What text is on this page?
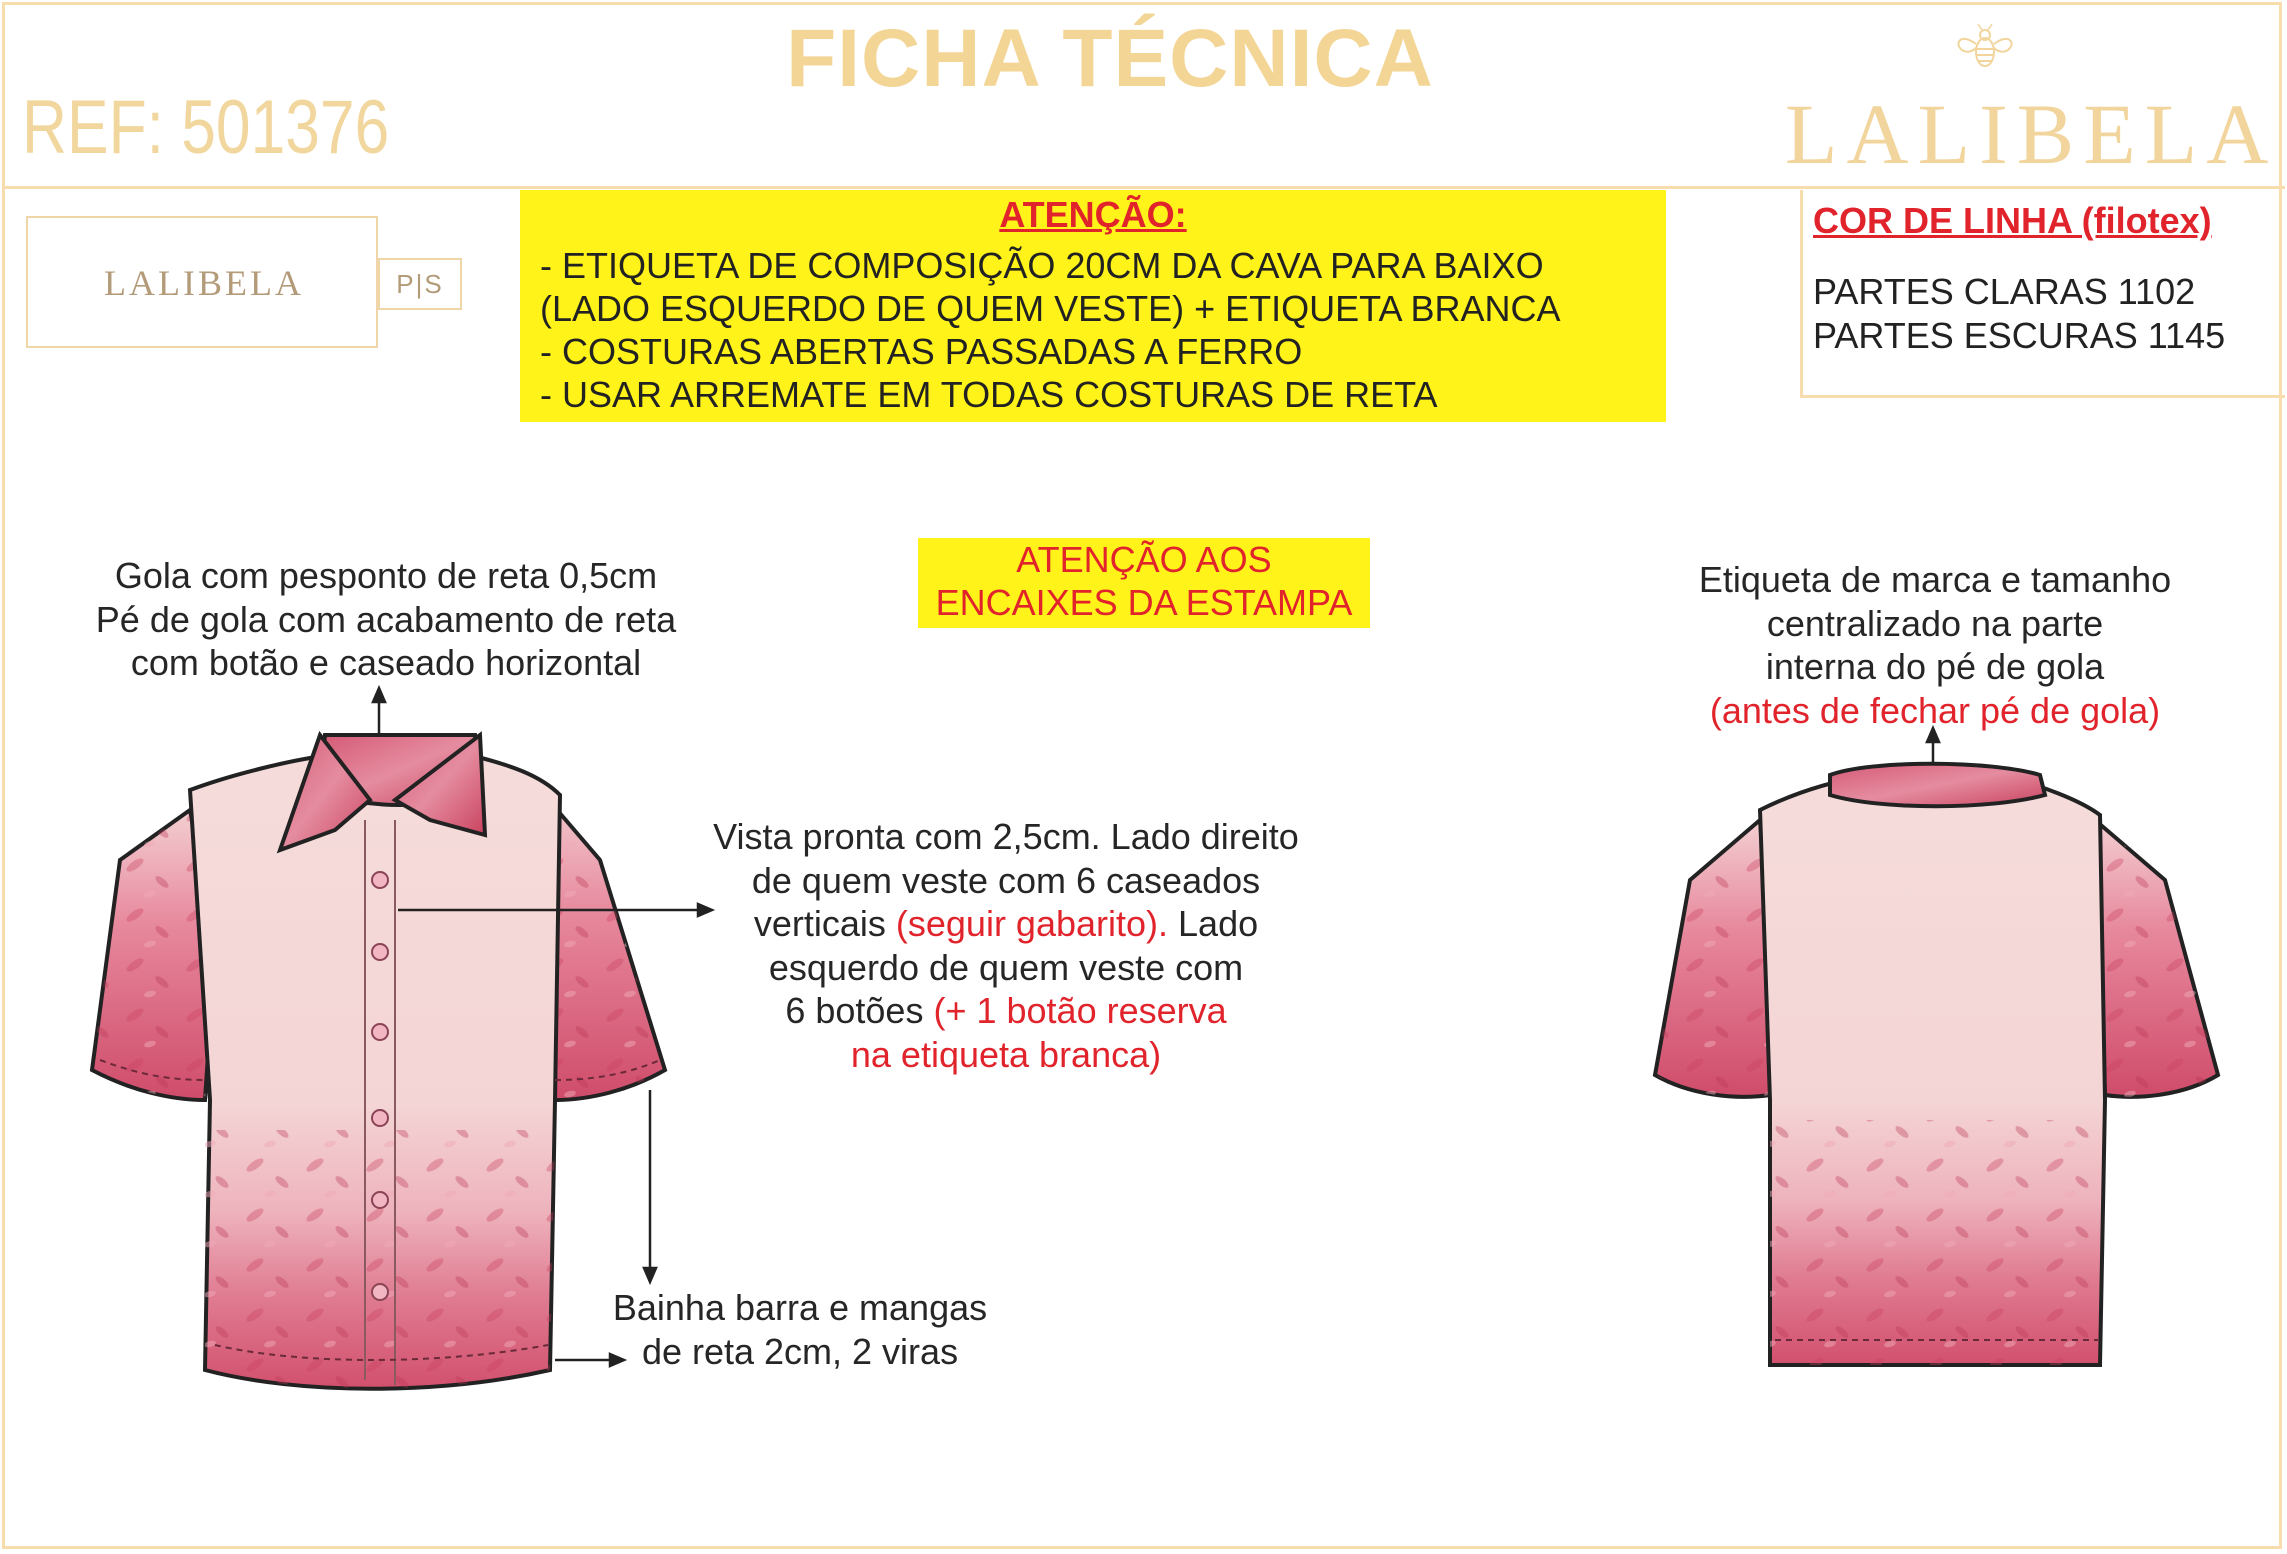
FICHA TÉCNICA
REF: 501376	LALIBELA
LALIBELA	P|S
ATENÇÃO:
- ETIQUETA DE COMPOSIÇÃO 20CM DA CAVA PARA BAIXO
(LADO ESQUERDO DE QUEM VESTE) + ETIQUETA BRANCA
- COSTURAS ABERTAS PASSADAS A FERRO
- USAR ARREMATE EM TODAS COSTURAS DE RETA
COR DE LINHA (filotex)
PARTES CLARAS 1102
PARTES ESCURAS 1145
ATENÇÃO AOS
ENCAIXES DA ESTAMPA
Gola com pesponto de reta 0,5cm
Pé de gola com acabamento de reta
com botão e caseado horizontal
Vista pronta com 2,5cm. Lado direito
de quem veste com 6 caseados
verticais (seguir gabarito). Lado
esquerdo de quem veste com
6 botões (+ 1 botão reserva
na etiqueta branca)
Bainha barra e mangas
de reta 2cm, 2 viras
Etiqueta de marca e tamanho
centralizado na parte
interna do pé de gola
(antes de fechar pé de gola)
